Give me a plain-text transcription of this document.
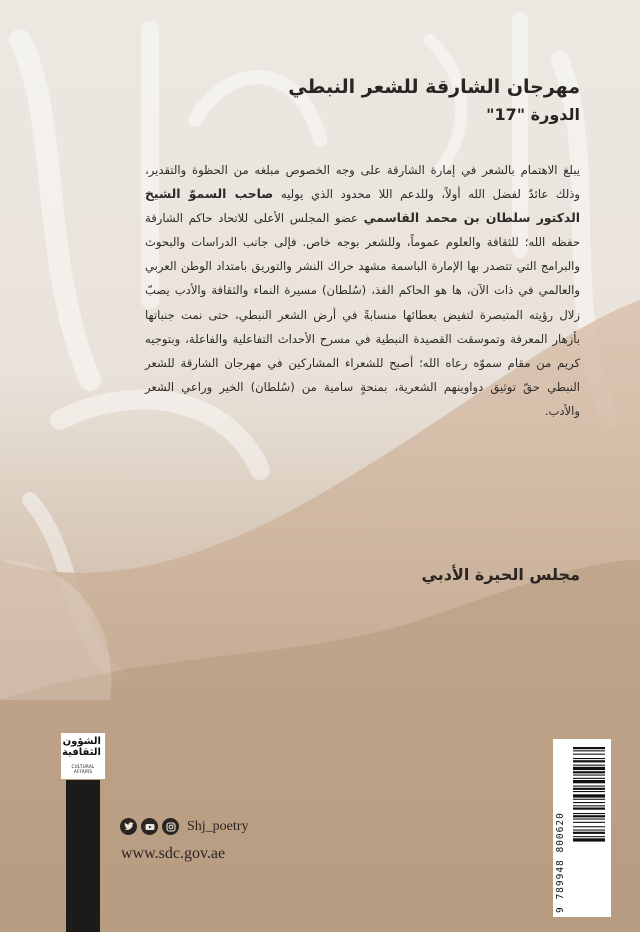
مهرجان الشارقة للشعر النبطي
الدورة "17"
يبلغ الاهتمام بالشعر في إمارة الشارقة على وجه الخصوص مبلغه من الحظوة والتقدير، وذلك عائدٌ لفضل الله أولاً، وللدعم اللا محدود الذي يوليه صاحب السموّ الشيخ الدكتور سلطان بن محمد القاسمي عضو المجلس الأعلى للاتحاد حاكم الشارقة حفظه الله؛ للثقافة والعلوم عموماً، وللشعر بوجه خاص. فإلى جانب الدراسات والبحوث والبرامج التي تتصدر بها الإمارة الباسمة مشهد حراك النشر والتوريق بامتداد الوطن العربي والعالمي في ذات الآن، ها هو الحاكم الفذ، (سُلطان) مسيرة النماء والثقافة والأدب يصبّ زلال رؤيته المتبصرة لتفيض بعطائها منسابةً في أرض الشعر النبطي، حتى نمت جنباتها بأزهار المعرفة وتموسقت القصيدة النبطية في مسرح الأحداث التفاعلية والفاعلة، وبتوجيه كريم من مقام سموّه رعاه الله؛ أصبح للشعراء المشاركين في مهرجان الشارقة للشعر النبطي حقّ توثيق دواوينهم الشعرية، بمنحةٍ سامية من (سُلطان) الخير وراعي الشعر والأدب.
مجلس الحيرة الأدبي
الشؤون الثقافية
CULTURAL AFFAIRS
Shj_poetry
www.sdc.gov.ae	9 789948 800620
